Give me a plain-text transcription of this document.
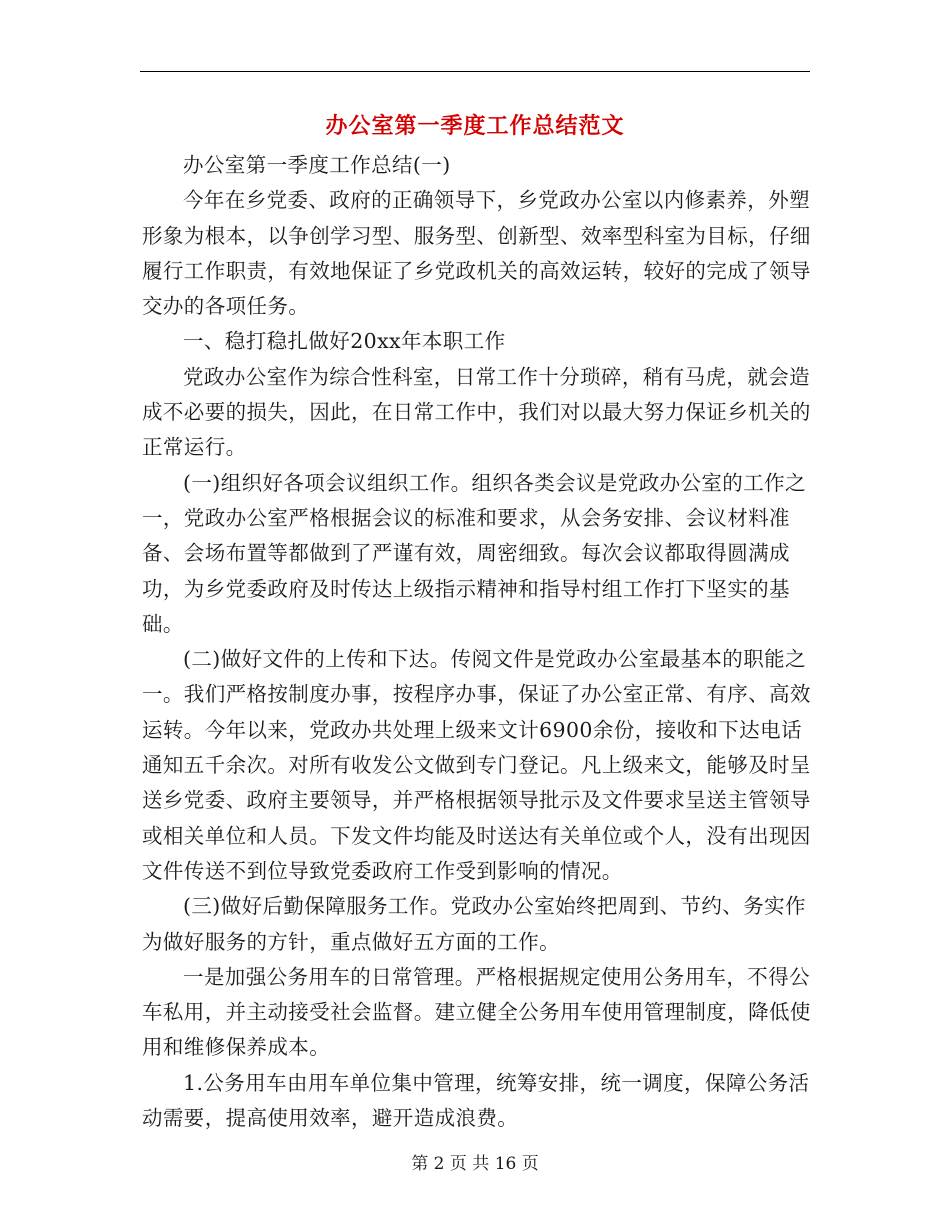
办公室第一季度工作总结范文

办公室第一季度工作总结(一)

今年在乡党委、政府的正确领导下，乡党政办公室以内修素养，外塑形象为根本，以争创学习型、服务型、创新型、效率型科室为目标，仔细履行工作职责，有效地保证了乡党政机关的高效运转，较好的完成了领导交办的各项任务。

一、稳打稳扎做好20xx年本职工作

党政办公室作为综合性科室，日常工作十分琐碎，稍有马虎，就会造成不必要的损失，因此，在日常工作中，我们对以最大努力保证乡机关的正常运行。

(一)组织好各项会议组织工作。组织各类会议是党政办公室的工作之一，党政办公室严格根据会议的标准和要求，从会务安排、会议材料准备、会场布置等都做到了严谨有效，周密细致。每次会议都取得圆满成功，为乡党委政府及时传达上级指示精神和指导村组工作打下坚实的基础。

(二)做好文件的上传和下达。传阅文件是党政办公室最基本的职能之一。我们严格按制度办事，按程序办事，保证了办公室正常、有序、高效运转。今年以来，党政办共处理上级来文计6900余份，接收和下达电话通知五千余次。对所有收发公文做到专门登记。凡上级来文，能够及时呈送乡党委、政府主要领导，并严格根据领导批示及文件要求呈送主管领导或相关单位和人员。下发文件均能及时送达有关单位或个人，没有出现因文件传送不到位导致党委政府工作受到影响的情况。

(三)做好后勤保障服务工作。党政办公室始终把周到、节约、务实作为做好服务的方针，重点做好五方面的工作。

一是加强公务用车的日常管理。严格根据规定使用公务用车，不得公车私用，并主动接受社会监督。建立健全公务用车使用管理制度，降低使用和维修保养成本。

1.公务用车由用车单位集中管理，统筹安排，统一调度，保障公务活动需要，提高使用效率，避开造成浪费。

第 2 页 共 16 页
